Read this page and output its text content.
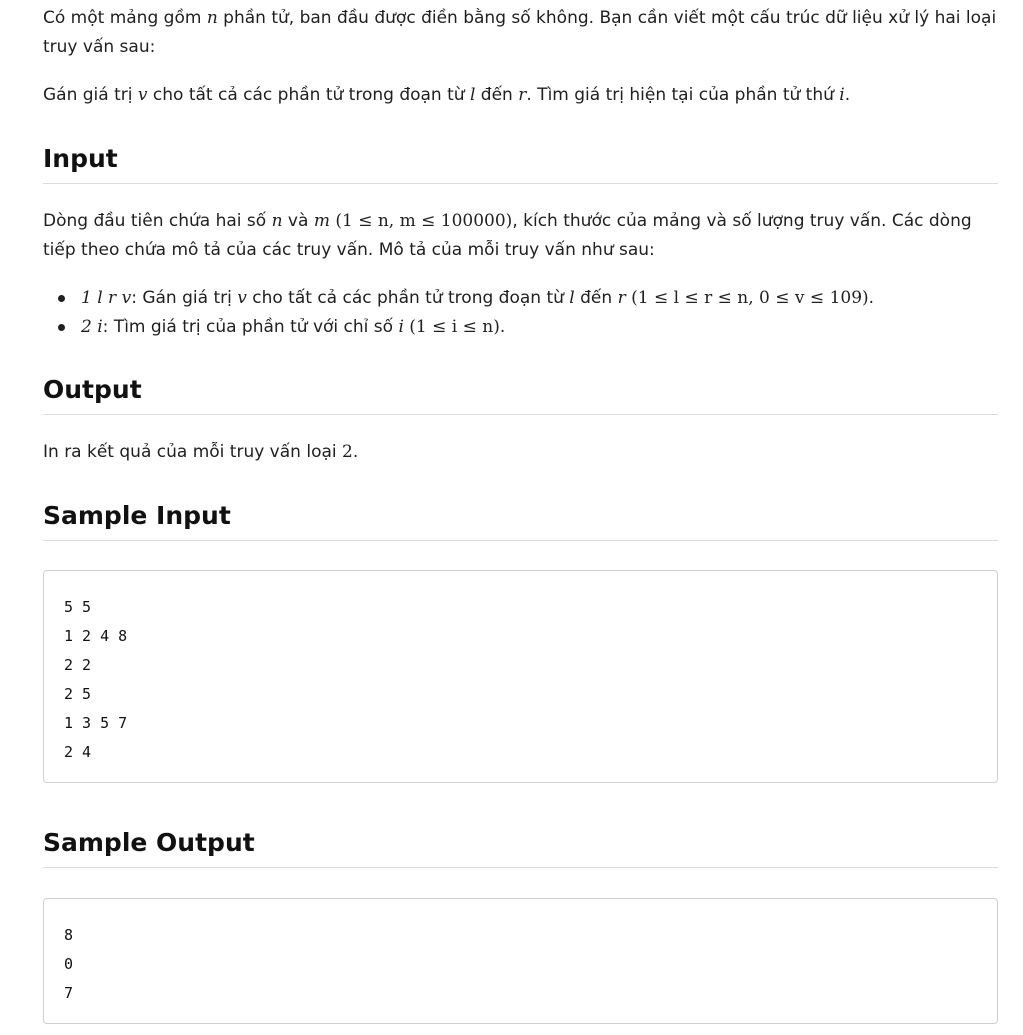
Có một mảng gồm n phần tử, ban đầu được điền bằng số không. Bạn cần viết một cấu trúc dữ liệu xử lý hai loại truy vấn sau:

Gán giá trị v cho tất cả các phần tử trong đoạn từ l đến r. Tìm giá trị hiện tại của phần tử thứ i.

Input

Dòng đầu tiên chứa hai số n và m (1 ≤ n, m ≤ 100000), kích thước của mảng và số lượng truy vấn. Các dòng tiếp theo chứa mô tả của các truy vấn. Mô tả của mỗi truy vấn như sau:

1 l r v: Gán giá trị v cho tất cả các phần tử trong đoạn từ l đến r (1 ≤ l ≤ r ≤ n, 0 ≤ v ≤ 109).
2 i: Tìm giá trị của phần tử với chỉ số i (1 ≤ i ≤ n).
Output

In ra kết quả của mỗi truy vấn loại 2.

Sample Input
5 5
1 2 4 8
2 2
2 5
1 3 5 7
2 4
Sample Output
8
0
7
